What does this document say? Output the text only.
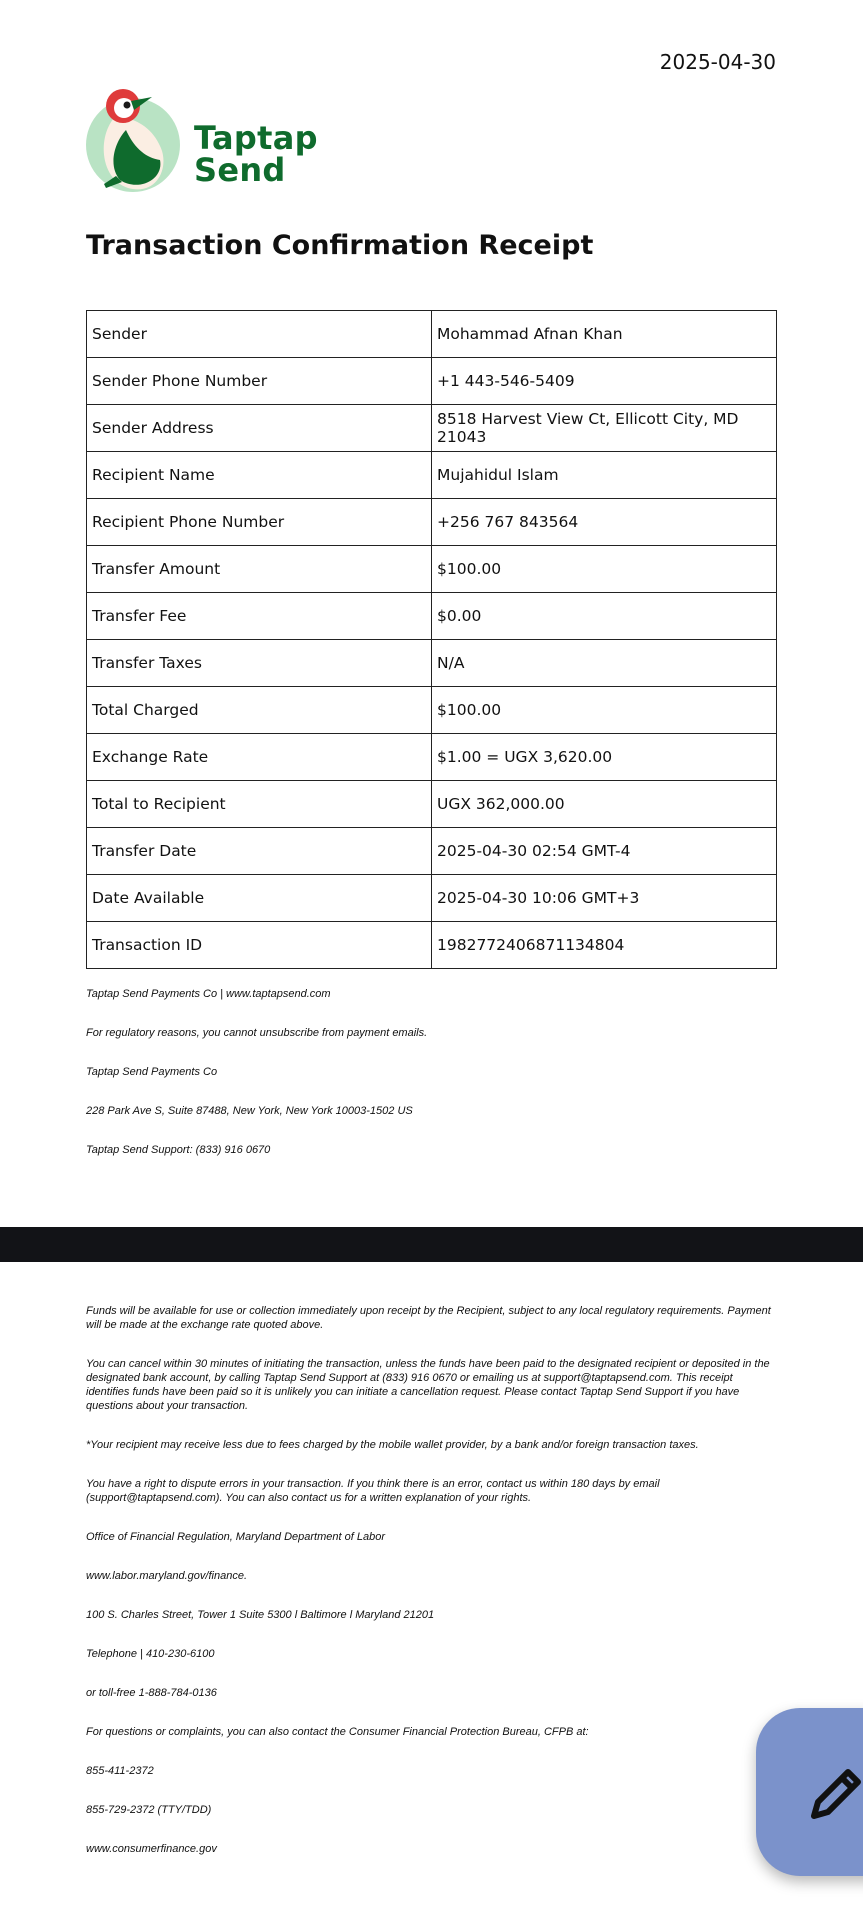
2025-04-30
Taptap
Send
Transaction Confirmation Receipt
Sender	Mohammad Afnan Khan
Sender Phone Number	+1 443-546-5409
Sender Address	8518 Harvest View Ct, Ellicott City, MD 21043
Recipient Name	Mujahidul Islam
Recipient Phone Number	+256 767 843564
Transfer Amount	$100.00
Transfer Fee	$0.00
Transfer Taxes	N/A
Total Charged	$100.00
Exchange Rate	$1.00 = UGX 3,620.00
Total to Recipient	UGX 362,000.00
Transfer Date	2025-04-30 02:54 GMT-4
Date Available	2025-04-30 10:06 GMT+3
Transaction ID	1982772406871134804

Taptap Send Payments Co | www.taptapsend.com

For regulatory reasons, you cannot unsubscribe from payment emails.

Taptap Send Payments Co

228 Park Ave S, Suite 87488, New York, New York 10003-1502 US

Taptap Send Support: (833) 916 0670

Funds will be available for use or collection immediately upon receipt by the Recipient, subject to any local regulatory requirements. Payment will be made at the exchange rate quoted above.

You can cancel within 30 minutes of initiating the transaction, unless the funds have been paid to the designated recipient or deposited in the designated bank account, by calling Taptap Send Support at (833) 916 0670 or emailing us at support@taptapsend.com. This receipt identifies funds have been paid so it is unlikely you can initiate a cancellation request. Please contact Taptap Send Support if you have questions about your transaction.

*Your recipient may receive less due to fees charged by the mobile wallet provider, by a bank and/or foreign transaction taxes.

You have a right to dispute errors in your transaction. If you think there is an error, contact us within 180 days by email (support@taptapsend.com). You can also contact us for a written explanation of your rights.

Office of Financial Regulation, Maryland Department of Labor

www.labor.maryland.gov/finance.

100 S. Charles Street, Tower 1 Suite 5300 l Baltimore l Maryland 21201

Telephone | 410-230-6100

or toll-free 1-888-784-0136

For questions or complaints, you can also contact the Consumer Financial Protection Bureau, CFPB at:

855-411-2372

855-729-2372 (TTY/TDD)

www.consumerfinance.gov
